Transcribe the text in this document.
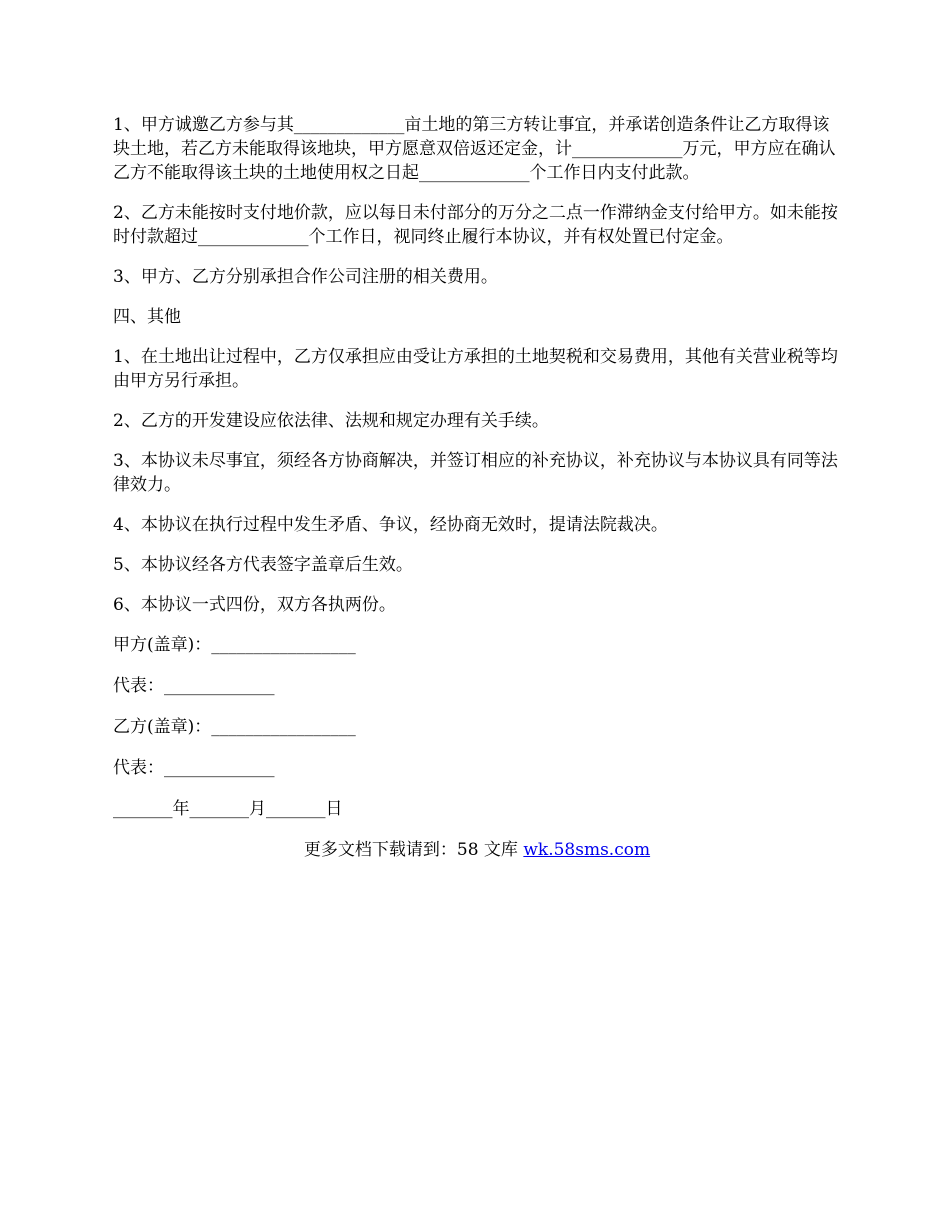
1、甲方诚邀乙方参与其_____________亩土地的第三方转让事宜，并承诺创造条件让乙方取得该块土地，若乙方未能取得该地块，甲方愿意双倍返还定金，计_____________万元，甲方应在确认乙方不能取得该土块的土地使用权之日起_____________个工作日内支付此款。

2、乙方未能按时支付地价款，应以每日未付部分的万分之二点一作滞纳金支付给甲方。如未能按时付款超过_____________个工作日，视同终止履行本协议，并有权处置已付定金。

3、甲方、乙方分别承担合作公司注册的相关费用。

四、其他

1、在土地出让过程中，乙方仅承担应由受让方承担的土地契税和交易费用，其他有关营业税等均由甲方另行承担。

2、乙方的开发建设应依法律、法规和规定办理有关手续。

3、本协议未尽事宜，须经各方协商解决，并签订相应的补充协议，补充协议与本协议具有同等法律效力。

4、本协议在执行过程中发生矛盾、争议，经协商无效时，提请法院裁决。

5、本协议经各方代表签字盖章后生效。

6、本协议一式四份，双方各执两份。

甲方(盖章)：_________________

代表：_____________

乙方(盖章)：_________________

代表：_____________

_______年_______月_______日

更多文档下载请到：58 文库 wk.58sms.com
